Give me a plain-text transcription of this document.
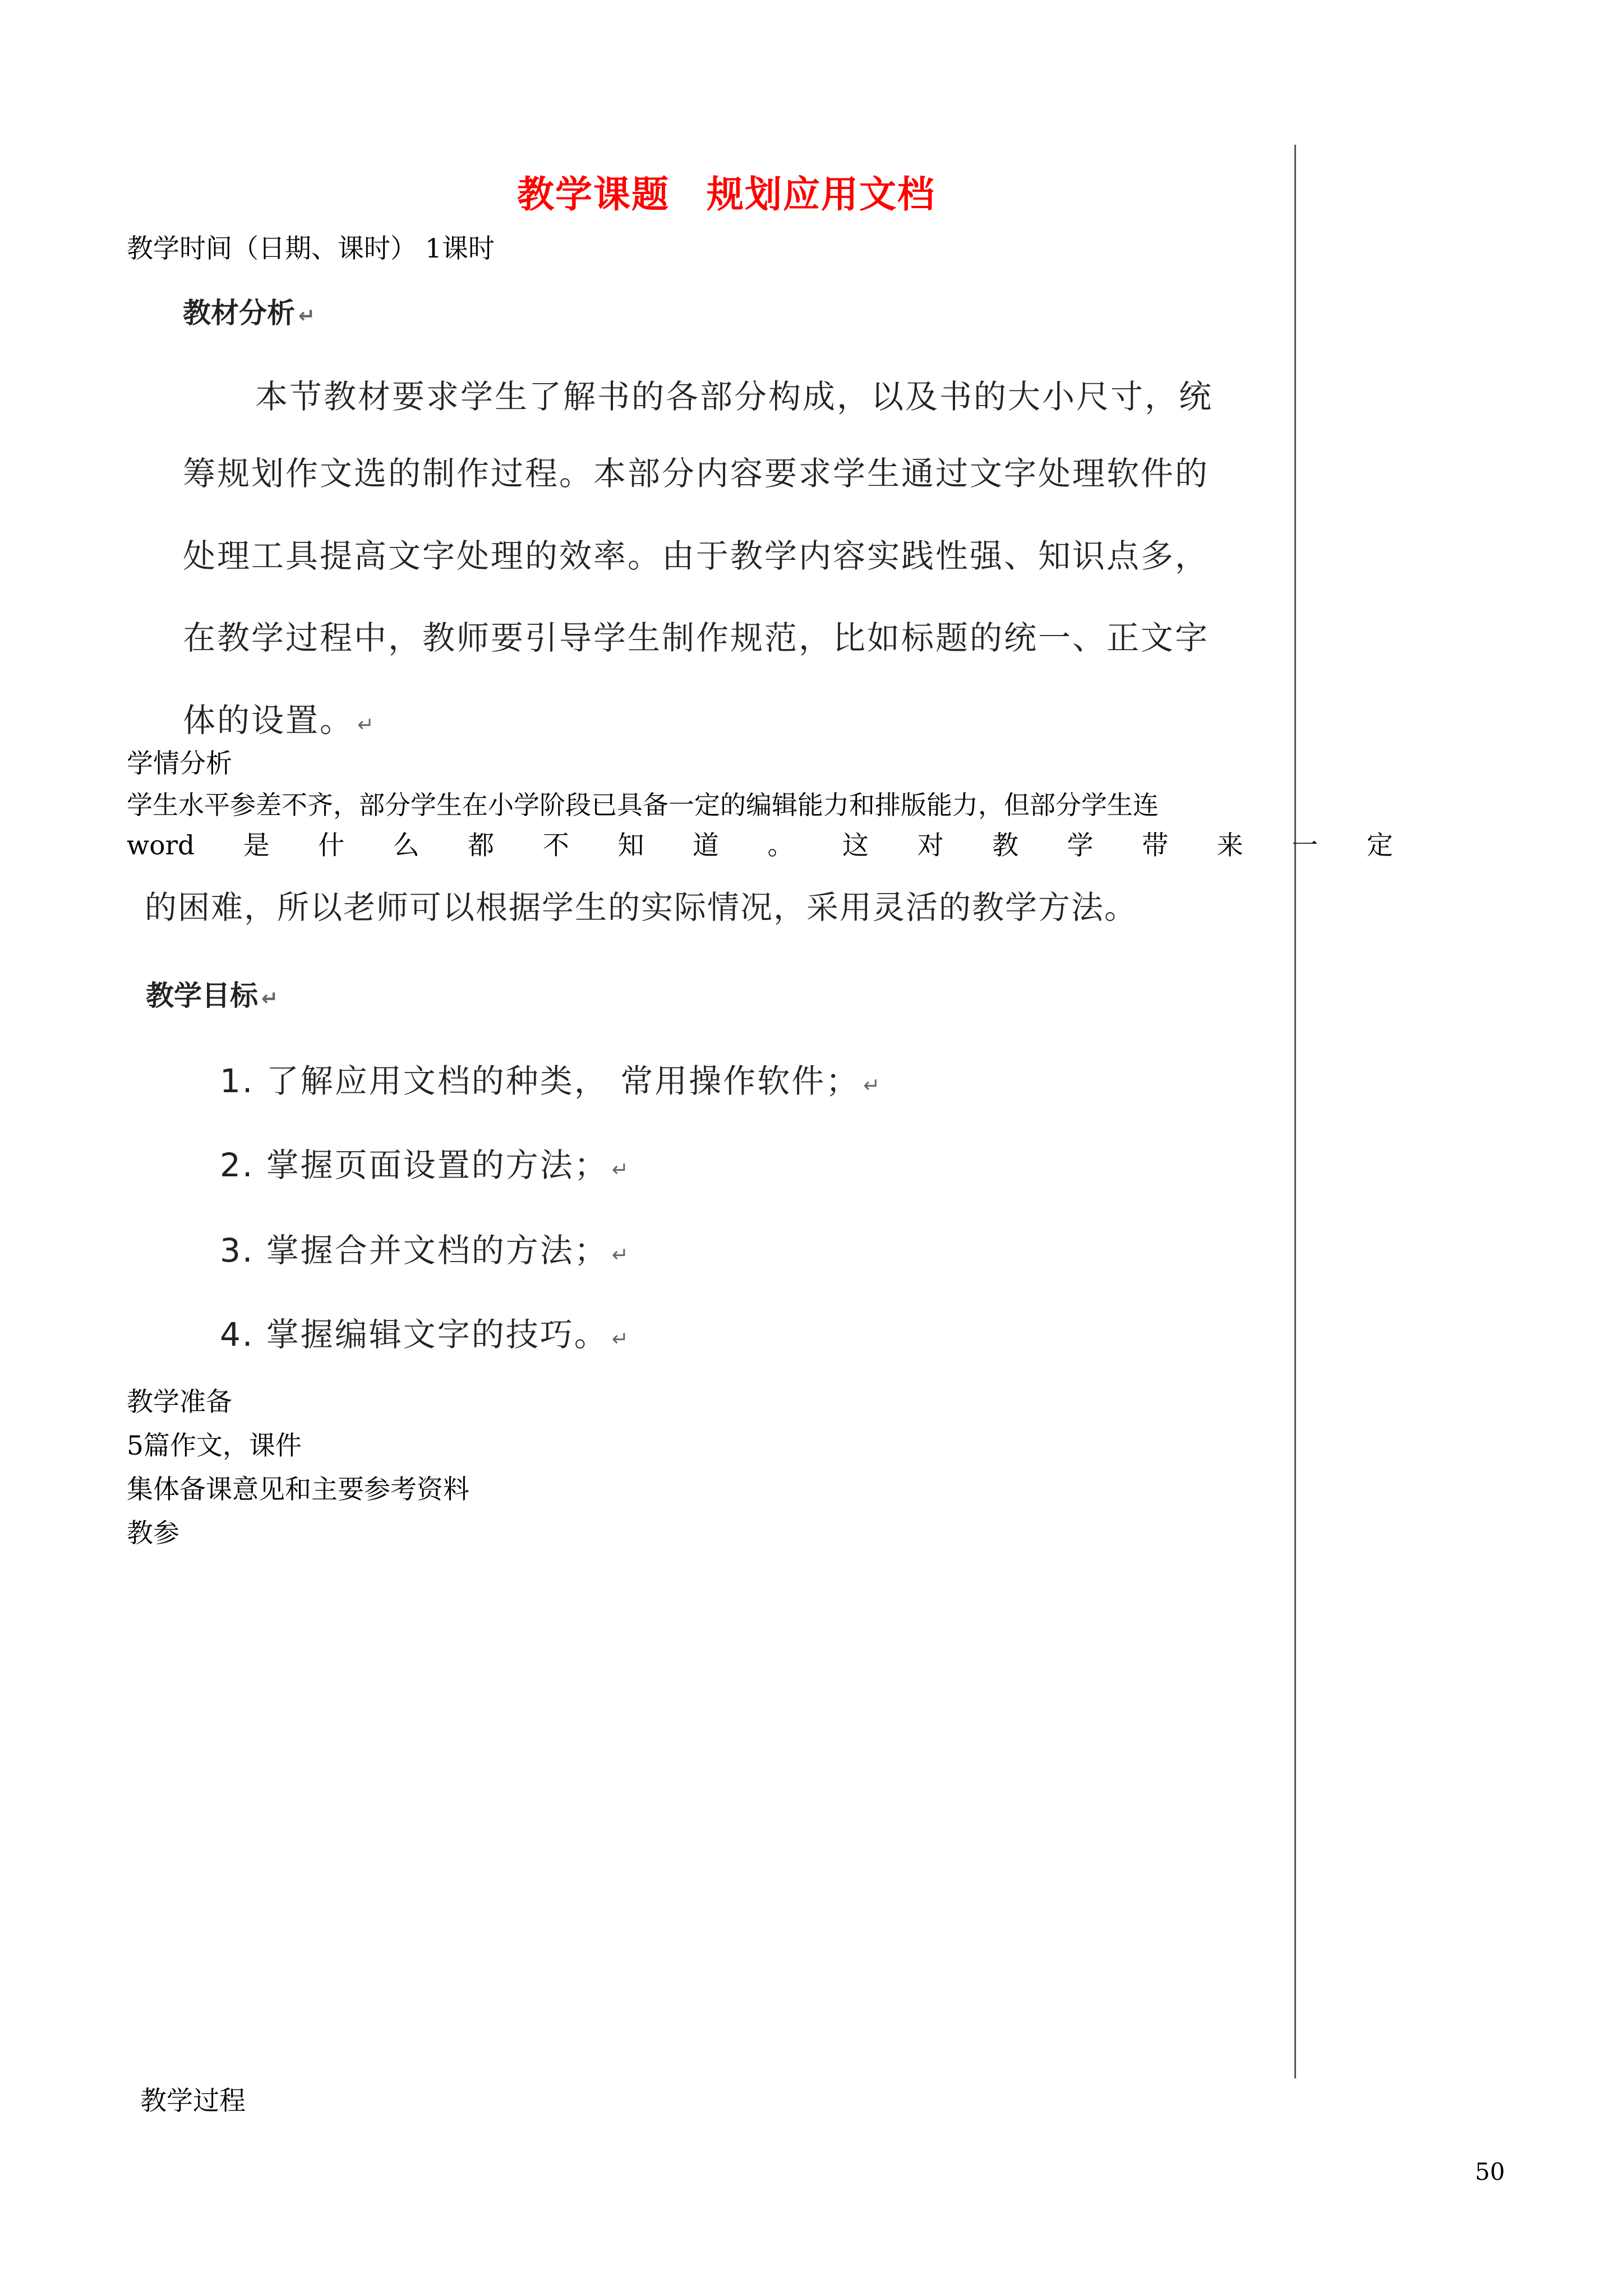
教学课题 规划应用文档
教学时间（日期、课时） 1课时
教材分析 ↵
本节教材要求学生了解书的各部分构成，以及书的大小尺寸，统
筹规划作文选的制作过程。本部分内容要求学生通过文字处理软件的
处理工具提高文字处理的效率。由于教学内容实践性强、知识点多，
在教学过程中，教师要引导学生制作规范，比如标题的统一、正文字
体的设置。 ↵
学情分析
学生水平参差不齐，部分学生在小学阶段已具备一定的编辑能力和排版能力，但部分学生连
word 是 什 么 都 不 知 道 。 这 对 教 学 带 来 一 定
的困难，所以老师可以根据学生的实际情况，采用灵活的教学方法。
教学目标 ↵
1. 了解应用文档的种类， 常用操作软件； ↵
2. 掌握页面设置的方法； ↵
3. 掌握合并文档的方法； ↵
4. 掌握编辑文字的技巧。 ↵
教学准备
5篇作文，课件
集体备课意见和主要参考资料
教参
教学过程
50
